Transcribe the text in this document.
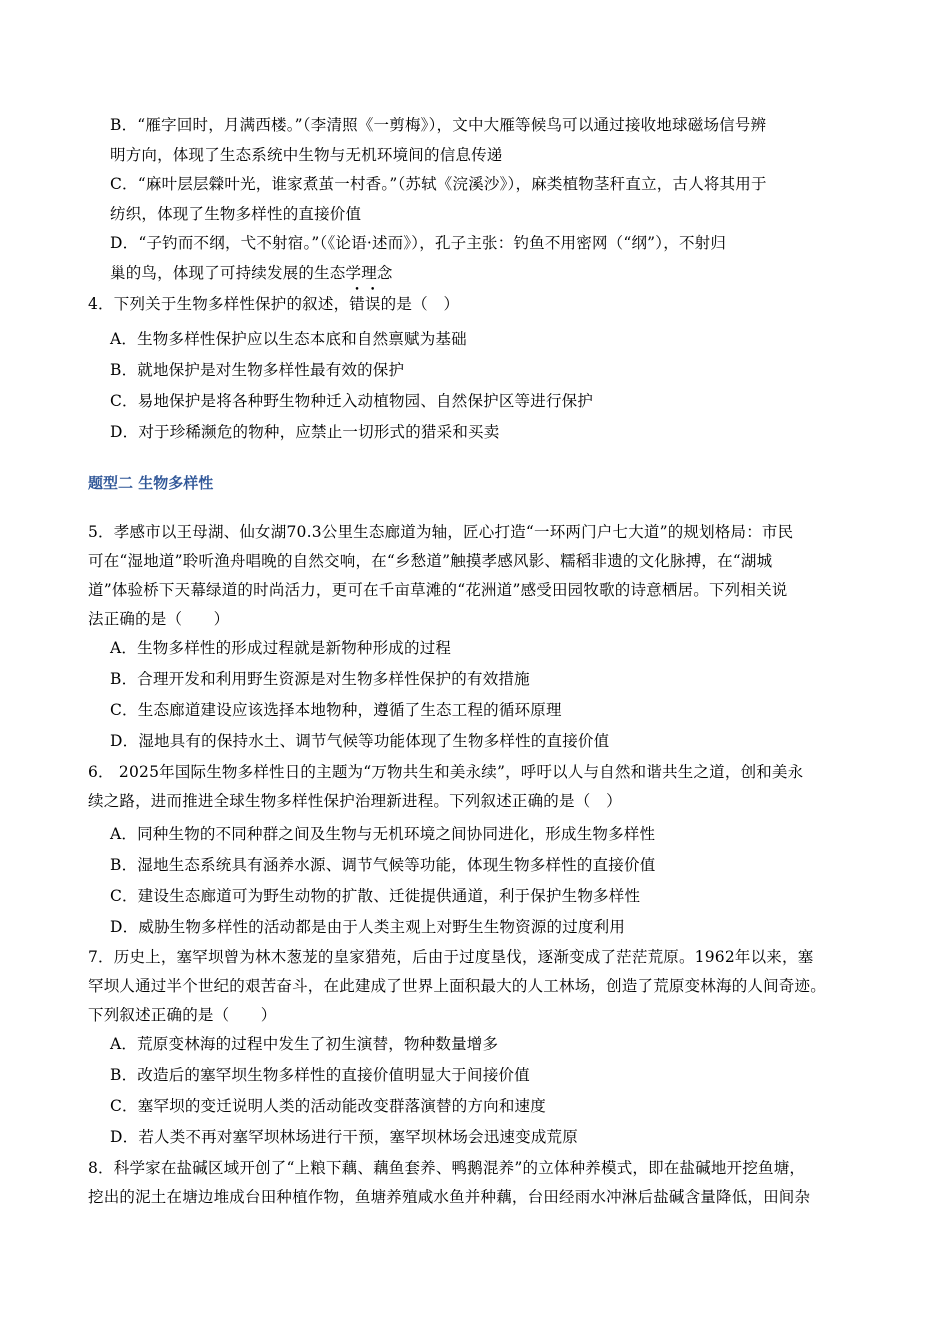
B．“雁字回时，月满西楼。”（李清照《一剪梅》），文中大雁等候鸟可以通过接收地球磁场信号辨
明方向，体现了生态系统中生物与无机环境间的信息传递
C．“麻叶层层檾叶光，谁家煮茧一村香。”（苏轼《浣溪沙》），麻类植物茎秆直立，古人将其用于
纺织，体现了生物多样性的直接价值
D．“子钓而不纲，弋不射宿。”（《论语·述而》），孔子主张：钓鱼不用密网（“纲”），不射归
巢的鸟，体现了可持续发展的生态学理念
4．下列关于生物多样性保护的叙述，错误的是（　）
A．生物多样性保护应以生态本底和自然禀赋为基础
B．就地保护是对生物多样性最有效的保护
C．易地保护是将各种野生物种迁入动植物园、自然保护区等进行保护
D．对于珍稀濒危的物种，应禁止一切形式的猎采和买卖
题型二 生物多样性
5．孝感市以王母湖、仙女湖70.3公里生态廊道为轴，匠心打造“一环两门户七大道”的规划格局：市民
可在“湿地道”聆听渔舟唱晚的自然交响，在“乡愁道”触摸孝感风影、糯稻非遗的文化脉搏，在“湖城
道”体验桥下天幕绿道的时尚活力，更可在千亩草滩的“花洲道”感受田园牧歌的诗意栖居。下列相关说
法正确的是（　　）
A．生物多样性的形成过程就是新物种形成的过程
B．合理开发和利用野生资源是对生物多样性保护的有效措施
C．生态廊道建设应该选择本地物种，遵循了生态工程的循环原理
D．湿地具有的保持水土、调节气候等功能体现了生物多样性的直接价值
6． 2025年国际生物多样性日的主题为“万物共生和美永续”，呼吁以人与自然和谐共生之道，创和美永
续之路，进而推进全球生物多样性保护治理新进程。下列叙述正确的是（　）
A．同种生物的不同种群之间及生物与无机环境之间协同进化，形成生物多样性
B．湿地生态系统具有涵养水源、调节气候等功能，体现生物多样性的直接价值
C．建设生态廊道可为野生动物的扩散、迁徙提供通道，利于保护生物多样性
D．威胁生物多样性的活动都是由于人类主观上对野生生物资源的过度利用
7．历史上，塞罕坝曾为林木葱茏的皇家猎苑，后由于过度垦伐，逐渐变成了茫茫荒原。1962年以来，塞
罕坝人通过半个世纪的艰苦奋斗，在此建成了世界上面积最大的人工林场，创造了荒原变林海的人间奇迹。
下列叙述正确的是（　　）
A．荒原变林海的过程中发生了初生演替，物种数量增多
B．改造后的塞罕坝生物多样性的直接价值明显大于间接价值
C．塞罕坝的变迁说明人类的活动能改变群落演替的方向和速度
D．若人类不再对塞罕坝林场进行干预，塞罕坝林场会迅速变成荒原
8．科学家在盐碱区域开创了“上粮下藕、藕鱼套养、鸭鹅混养”的立体种养模式，即在盐碱地开挖鱼塘，
挖出的泥土在塘边堆成台田种植作物，鱼塘养殖咸水鱼并种藕，台田经雨水冲淋后盐碱含量降低，田间杂
